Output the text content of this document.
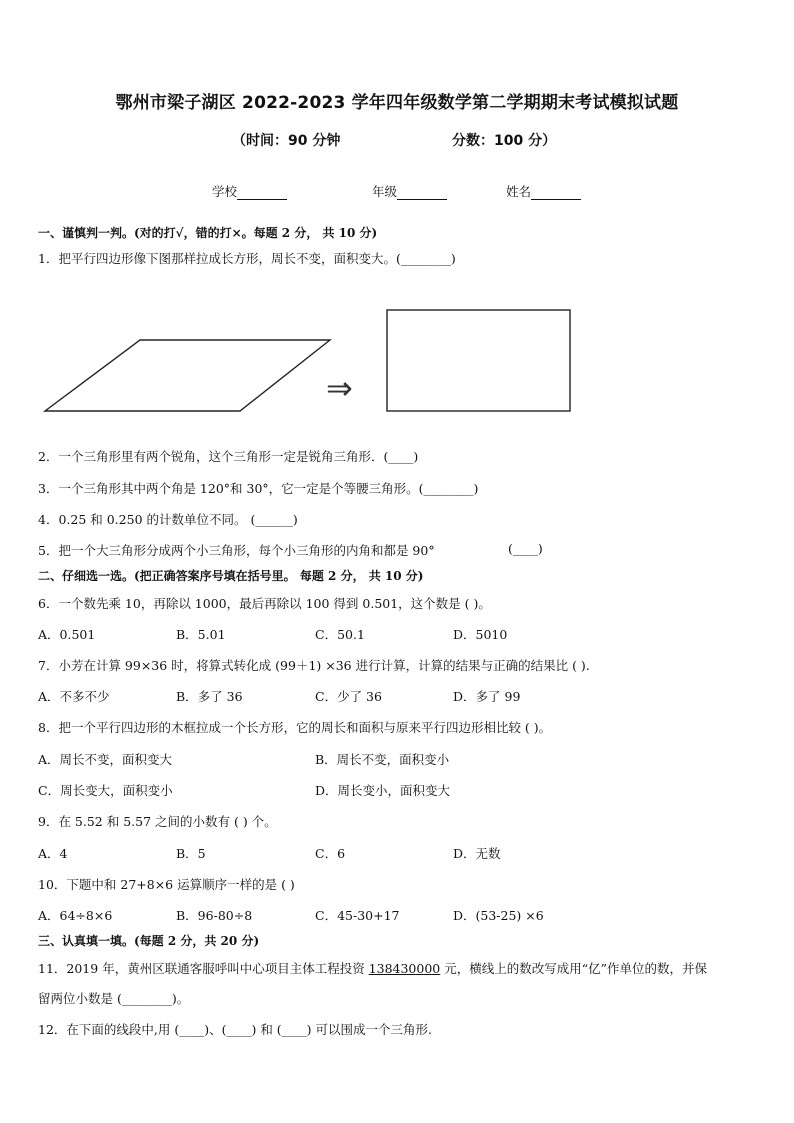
鄂州市梁子湖区 2022-2023 学年四年级数学第二学期期末考试模拟试题
（时间：90 分钟	分数：100 分）
学校	年级	姓名
一、谨慎判一判。(对的打√，错的打×。每题 2 分， 共 10 分)
1．把平行四边形像下图那样拉成长方形，周长不变，面积变大。(________)
⇒
2．一个三角形里有两个锐角，这个三角形一定是锐角三角形．(____)
3．一个三角形其中两个角是 120°和 30°，它一定是个等腰三角形。(________)
4．0.25 和 0.250 的计数单位不同。 (______)
5．把一个大三角形分成两个小三角形，每个小三角形的内角和都是 90°	(____)
二、仔细选一选。(把正确答案序号填在括号里。 每题 2 分， 共 10 分)
6．一个数先乘 10，再除以 1000，最后再除以 100 得到 0.501，这个数是 ( )。
A．0.501	B．5.01	C．50.1	D．5010
7．小芳在计算 99×36 时，将算式转化成 (99＋1) ×36 进行计算，计算的结果与正确的结果比 ( ).
A．不多不少	B．多了 36	C．少了 36	D．多了 99
8．把一个平行四边形的木框拉成一个长方形，它的周长和面积与原来平行四边形相比较 ( )。
A．周长不变，面积变大	B．周长不变，面积变小
C．周长变大，面积变小	D．周长变小，面积变大
9．在 5.52 和 5.57 之间的小数有 ( ) 个。
A．4	B．5	C．6	D．无数
10．下题中和 27+8×6 运算顺序一样的是 ( )
A．64÷8×6	B．96-80÷8	C．45-30+17	D．(53-25) ×6
三、认真填一填。(每题 2 分，共 20 分)
11．2019 年，黄州区联通客服呼叫中心项目主体工程投资 138430000 元，横线上的数改写成用“亿”作单位的数，并保
留两位小数是 (________)。
12．在下面的线段中,用 (____)、(____) 和 (____) 可以围成一个三角形.
